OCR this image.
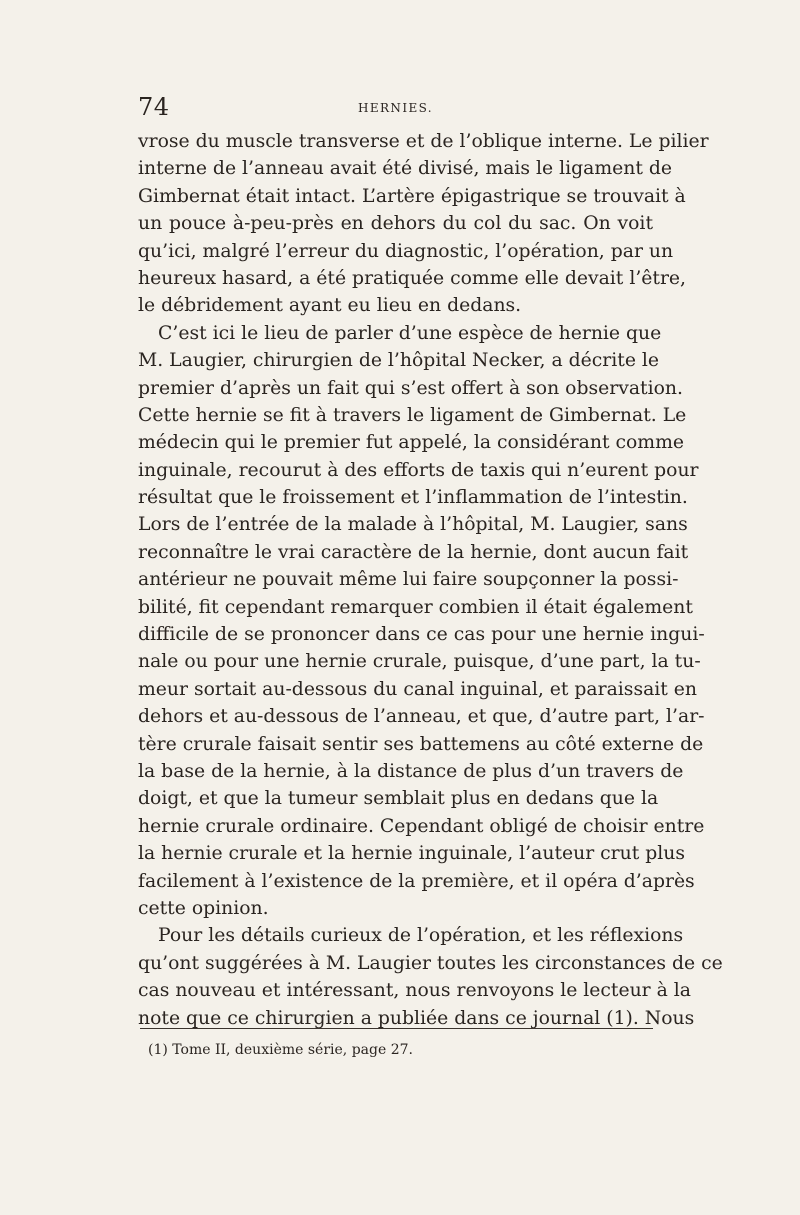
74	HERNIES.
vrose du muscle transverse et de l’oblique interne. Le pilier
interne de l’anneau avait été divisé, mais le ligament de
Gimbernat était intact. L’artère épigastrique se trouvait à
un pouce à-peu-près en dehors du col du sac. On voit
qu’ici, malgré l’erreur du diagnostic, l’opération, par un
heureux hasard, a été pratiquée comme elle devait l’être,
le débridement ayant eu lieu en dedans.
C’est ici le lieu de parler d’une espèce de hernie que
M. Laugier, chirurgien de l’hôpital Necker, a décrite le
premier d’après un fait qui s’est offert à son observation.
Cette hernie se fit à travers le ligament de Gimbernat. Le
médecin qui le premier fut appelé, la considérant comme
inguinale, recourut à des efforts de taxis qui n’eurent pour
résultat que le froissement et l’inflammation de l’intestin.
Lors de l’entrée de la malade à l’hôpital, M. Laugier, sans
reconnaître le vrai caractère de la hernie, dont aucun fait
antérieur ne pouvait même lui faire soupçonner la possi-
bilité, fit cependant remarquer combien il était également
difficile de se prononcer dans ce cas pour une hernie ingui-
nale ou pour une hernie crurale, puisque, d’une part, la tu-
meur sortait au-dessous du canal inguinal, et paraissait en
dehors et au-dessous de l’anneau, et que, d’autre part, l’ar-
tère crurale faisait sentir ses battemens au côté externe de
la base de la hernie, à la distance de plus d’un travers de
doigt, et que la tumeur semblait plus en dedans que la
hernie crurale ordinaire. Cependant obligé de choisir entre
la hernie crurale et la hernie inguinale, l’auteur crut plus
facilement à l’existence de la première, et il opéra d’après
cette opinion.
Pour les détails curieux de l’opération, et les réflexions
qu’ont suggérées à M. Laugier toutes les circonstances de ce
cas nouveau et intéressant, nous renvoyons le lecteur à la
note que ce chirurgien a publiée dans ce journal (1). Nous
(1) Tome II, deuxième série, page 27.
